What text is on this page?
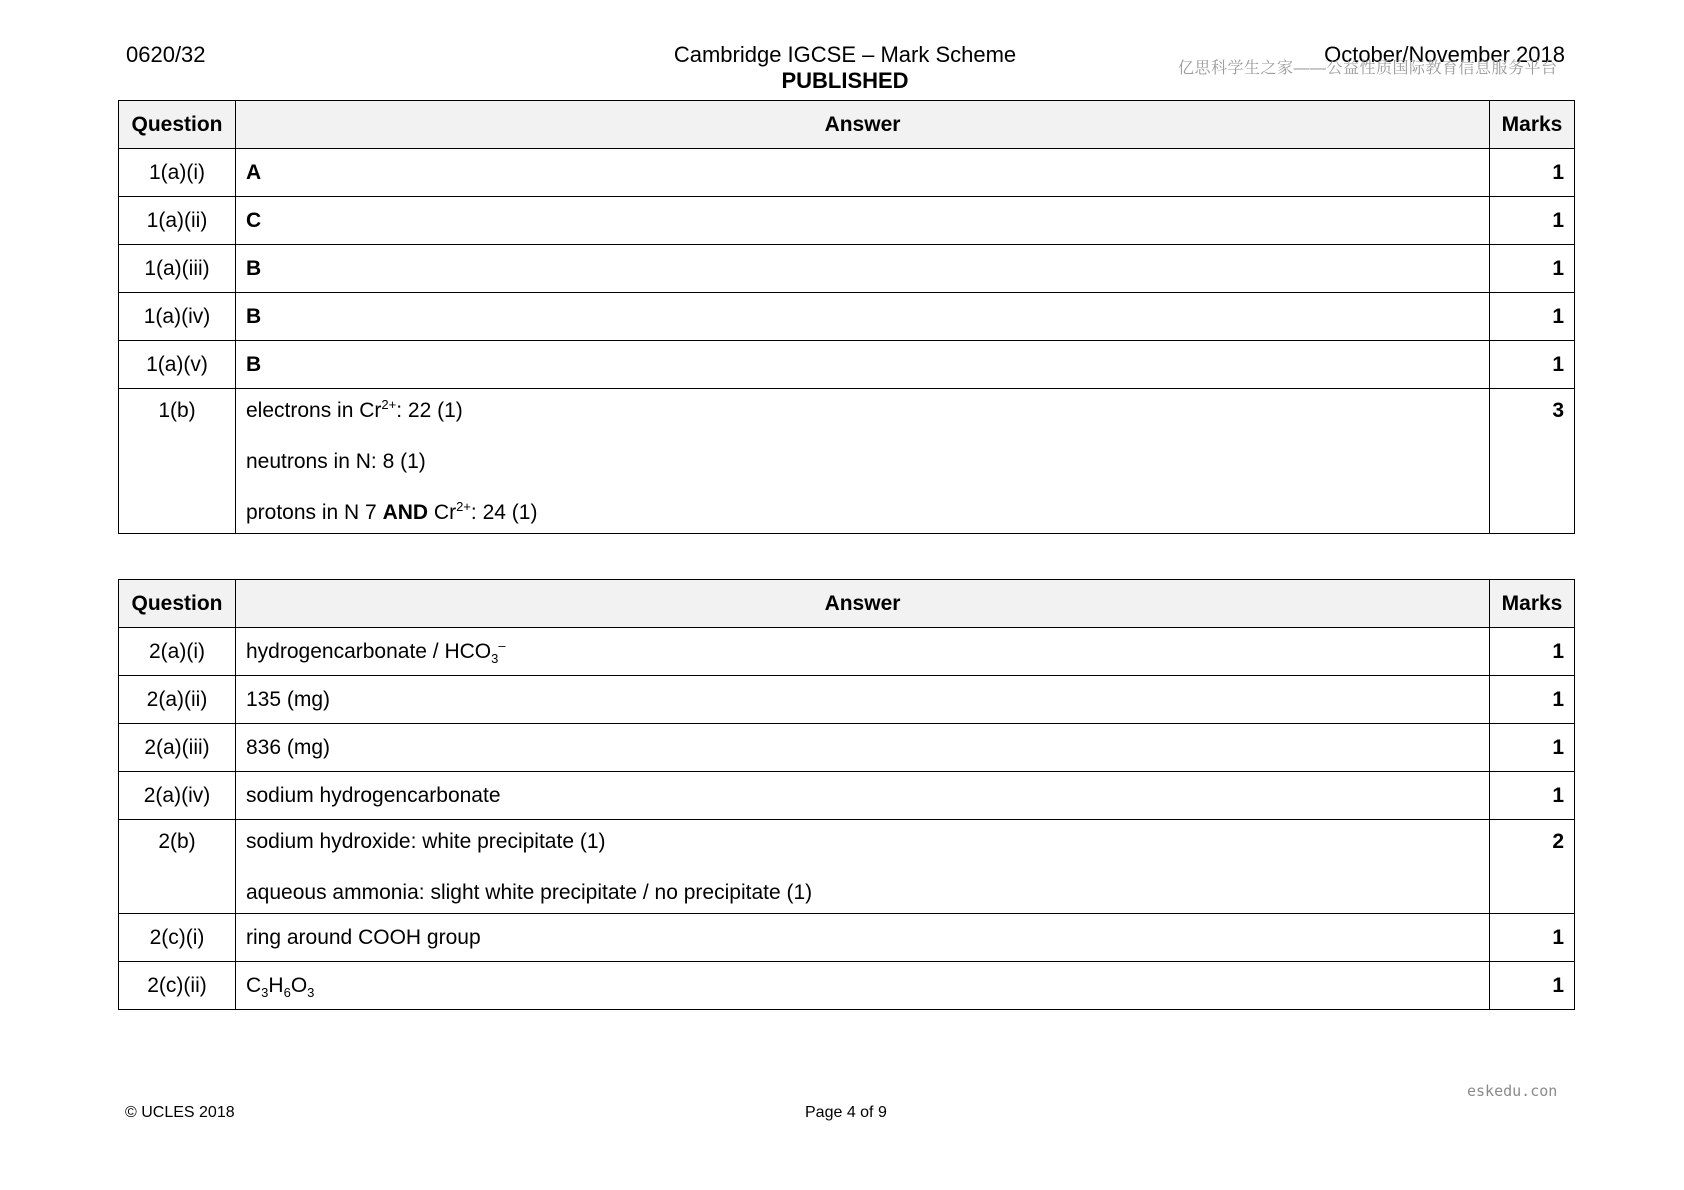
0620/32	Cambridge IGCSE – Mark Scheme
PUBLISHED
October/November 2018
亿思科学生之家——公益性质国际教育信息服务平台
Question	Answer	Marks
1(a)(i)	A	1
1(a)(ii)	C	1
1(a)(iii)	B	1
1(a)(iv)	B	1
1(a)(v)	B	1

1(b)	electrons in $Cr^{2+}$: 22 (1)
neutrons in N: 8 (1)
protons in N 7 AND $Cr^{2+}$: 24 (1)	3
Question	Answer	Marks
2(a)(i)	hydrogencarbonate / $HCO_3^-$	1
2(a)(ii)	135 (mg)	1
2(a)(iii)	836 (mg)	1
2(a)(iv)	sodium hydrogencarbonate	1

2(b)	sodium hydroxide: white precipitate (1)
aqueous ammonia: slight white precipitate / no precipitate (1)	2

2(c)(i)	ring around COOH group	1
2(c)(ii)	$C_3H_6O_3$	1
eskedu.con
© UCLES 2018	Page 4 of 9
